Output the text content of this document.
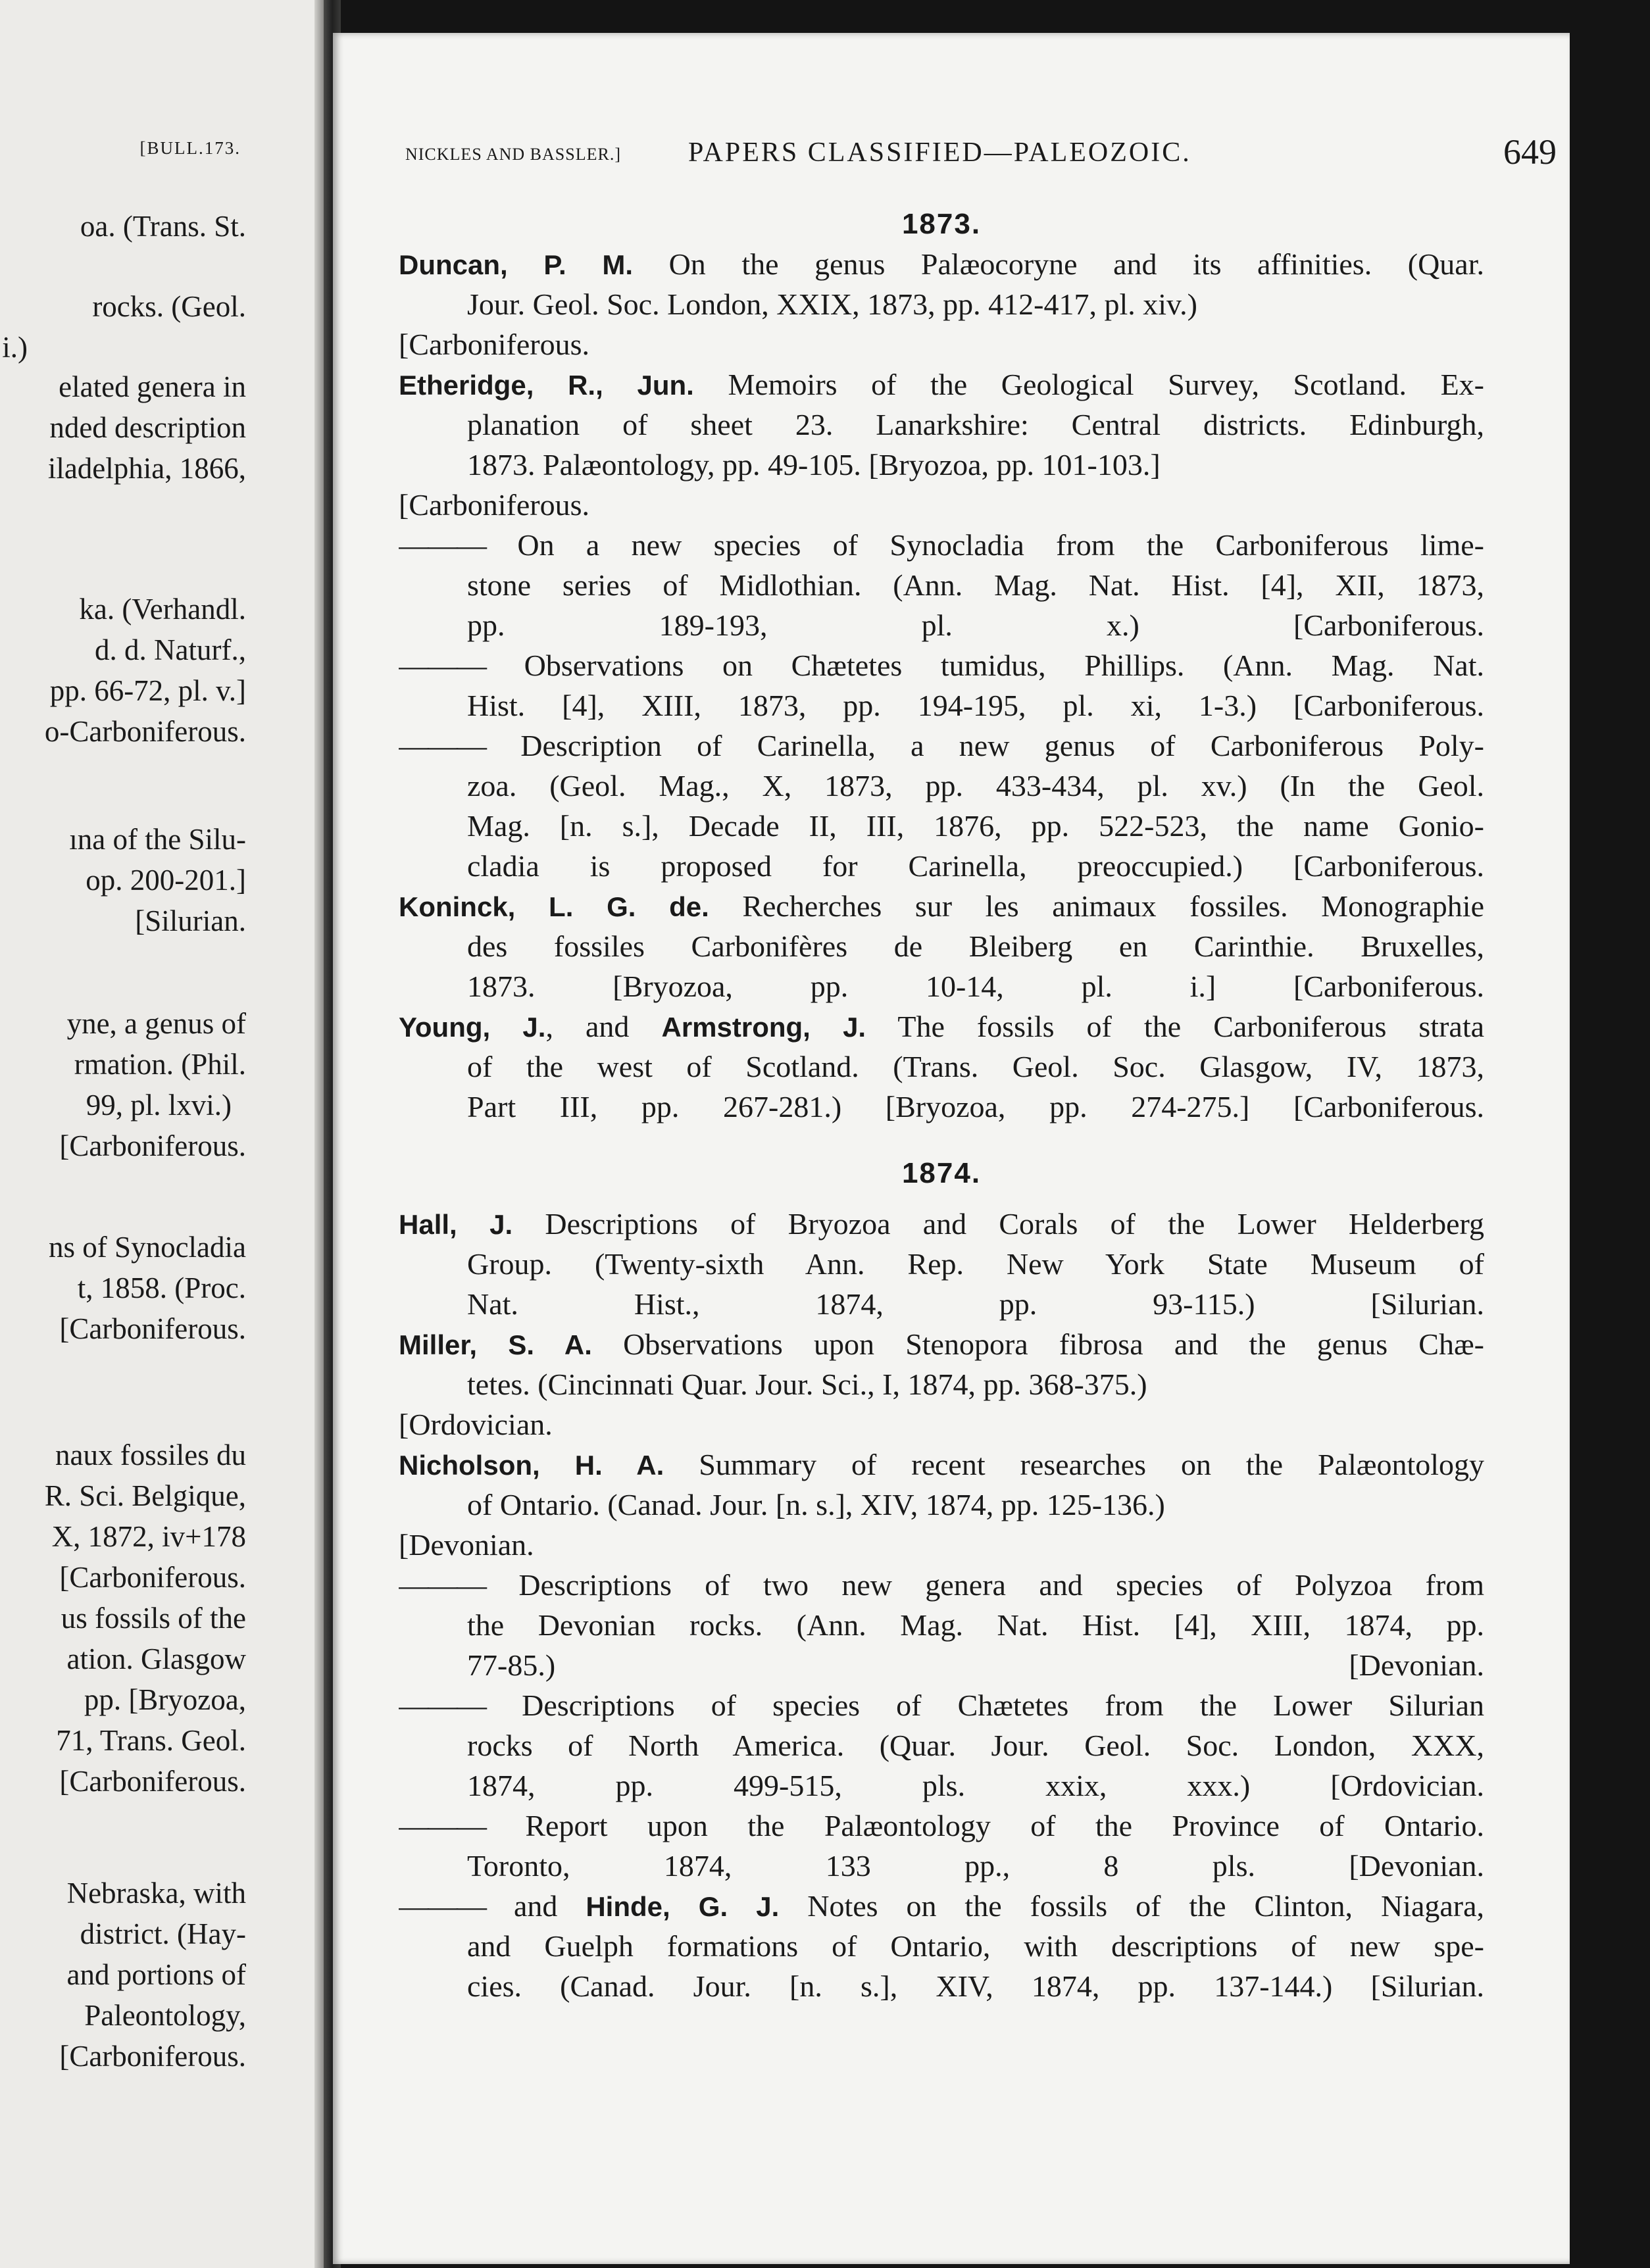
[BULL.173.
oa. (Trans. St.
rocks. (Geol.
i.)
elated genera in
nded description
iladelphia, 1866,
ka. (Verhandl.
d. d. Naturf.,
pp. 66-72, pl. v.]
o-Carboniferous.
ına of the Silu-
op. 200-201.]
[Silurian.
yne, a genus of
rmation. (Phil.
99, pl. lxvi.)
[Carboniferous.
ns of Synocladia
t, 1858. (Proc.
[Carboniferous.
naux fossiles du
R. Sci. Belgique,
X, 1872, iv+178
[Carboniferous.
us fossils of the
ation. Glasgow
pp. [Bryozoa,
71, Trans. Geol.
[Carboniferous.
Nebraska, with
district. (Hay-
and portions of
Paleontology,
[Carboniferous.
NICKLES AND BASSLER.] PAPERS CLASSIFIED—PALEOZOIC.	649
1873.
Duncan, P. M. On the genus Palæocoryne and its affinities. (Quar.
Jour. Geol. Soc. London, XXIX, 1873, pp. 412-417, pl. xiv.)
[Carboniferous.
Etheridge, R., Jun. Memoirs of the Geological Survey, Scotland. Ex-
planation of sheet 23. Lanarkshire: Central districts. Edinburgh,
1873. Palæontology, pp. 49-105. [Bryozoa, pp. 101-103.]
[Carboniferous.
——— On a new species of Synocladia from the Carboniferous lime-
stone series of Midlothian. (Ann. Mag. Nat. Hist. [4], XII, 1873,
pp. 189-193, pl. x.)	[Carboniferous.
——— Observations on Chætetes tumidus, Phillips. (Ann. Mag. Nat.
Hist. [4], XIII, 1873, pp. 194-195, pl. xi, 1-3.) [Carboniferous.
——— Description of Carinella, a new genus of Carboniferous Poly-
zoa. (Geol. Mag., X, 1873, pp. 433-434, pl. xv.) (In the Geol.
Mag. [n. s.], Decade II, III, 1876, pp. 522-523, the name Gonio-
cladia is proposed for Carinella, preoccupied.) [Carboniferous.
Koninck, L. G. de. Recherches sur les animaux fossiles. Monographie
des fossiles Carbonifères de Bleiberg en Carinthie. Bruxelles,
1873. [Bryozoa, pp. 10-14, pl. i.]	[Carboniferous.
Young, J., and Armstrong, J. The fossils of the Carboniferous strata
of the west of Scotland. (Trans. Geol. Soc. Glasgow, IV, 1873,
Part III, pp. 267-281.) [Bryozoa, pp. 274-275.] [Carboniferous.
1874.
Hall, J. Descriptions of Bryozoa and Corals of the Lower Helderberg
Group. (Twenty-sixth Ann. Rep. New York State Museum of
Nat. Hist., 1874, pp. 93-115.)	[Silurian.
Miller, S. A. Observations upon Stenopora fibrosa and the genus Chæ-
tetes. (Cincinnati Quar. Jour. Sci., I, 1874, pp. 368-375.)
[Ordovician.
Nicholson, H. A. Summary of recent researches on the Palæontology
of Ontario. (Canad. Jour. [n. s.], XIV, 1874, pp. 125-136.)
[Devonian.
——— Descriptions of two new genera and species of Polyzoa from
the Devonian rocks. (Ann. Mag. Nat. Hist. [4], XIII, 1874, pp.
77-85.)	[Devonian.
——— Descriptions of species of Chætetes from the Lower Silurian
rocks of North America. (Quar. Jour. Geol. Soc. London, XXX,
1874, pp. 499-515, pls. xxix, xxx.)	[Ordovician.
——— Report upon the Palæontology of the Province of Ontario.
Toronto, 1874, 133 pp., 8 pls.	[Devonian.
——— and Hinde, G. J. Notes on the fossils of the Clinton, Niagara,
and Guelph formations of Ontario, with descriptions of new spe-
cies. (Canad. Jour. [n. s.], XIV, 1874, pp. 137-144.) [Silurian.
